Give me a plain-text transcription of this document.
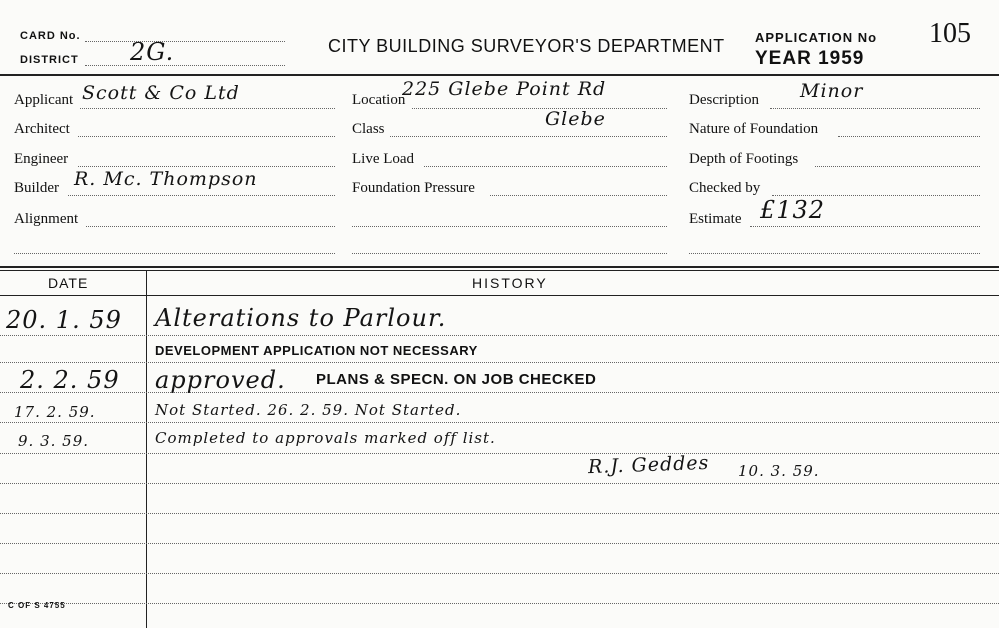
CARD No.
DISTRICT 2G.	CITY BUILDING SURVEYOR'S DEPARTMENT APPLICATION No 105
YEAR 1959
Applicant Scott & Co Ltd
Architect
Engineer
Builder R. Mc. Thompson
Alignment
Location
225 Glebe Point Rd
Class	Glebe
Live Load
Foundation Pressure
Description Minor
Nature of Foundation
Depth of Footings
Checked by
Estimate £132
DATE	HISTORY
20. 1. 59 Alterations to Parlour.
DEVELOPMENT APPLICATION NOT NECESSARY
2. 2. 59 approved. PLANS & SPECN. ON JOB CHECKED
17. 2. 59.	Not Started. 26. 2. 59. Not Started.
9. 3. 59.	Completed to approvals marked off list.
R.J. Geddes 10. 3. 59.
C OF S 4755
